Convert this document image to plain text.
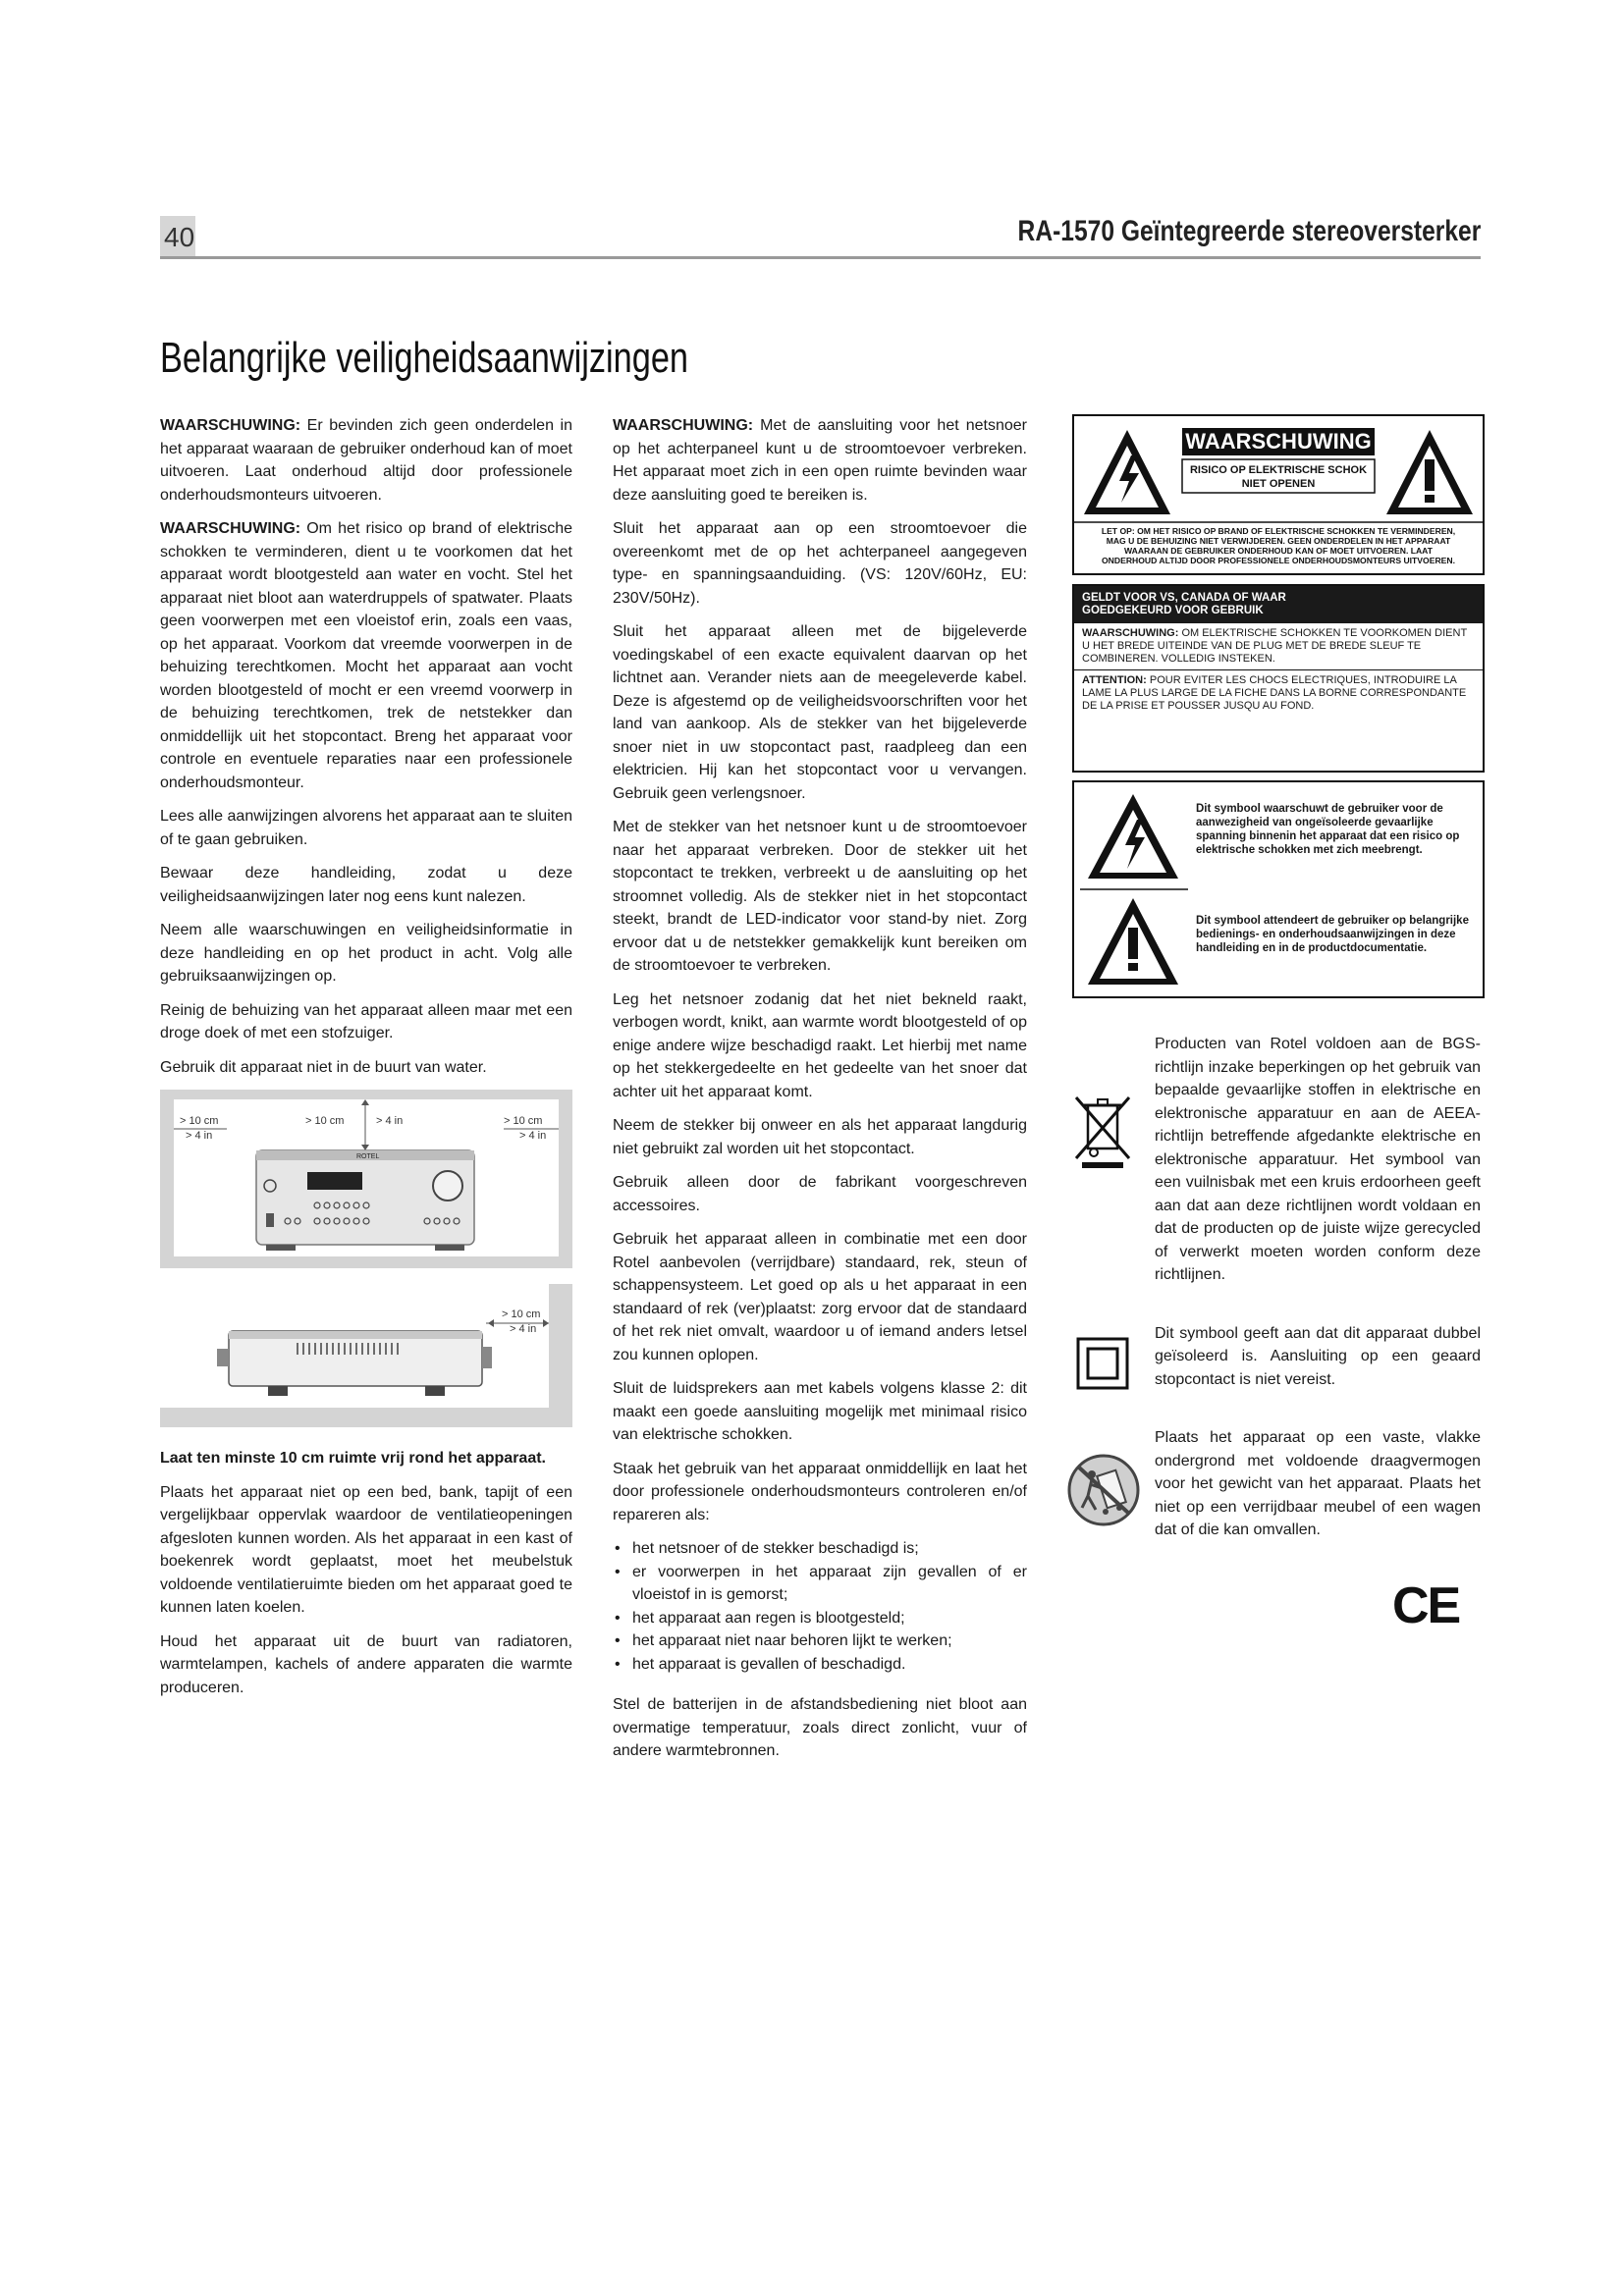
40	RA-1570 Geïntegreerde stereoversterker
Belangrijke veiligheidsaanwijzingen

WAARSCHUWING: Er bevinden zich geen onderdelen in het apparaat waaraan de gebruiker onderhoud kan of moet uitvoeren. Laat onderhoud altijd door professionele onderhoudsmonteurs uitvoeren.

WAARSCHUWING: Om het risico op brand of elektrische schokken te verminderen, dient u te voorkomen dat het apparaat wordt blootgesteld aan water en vocht. Stel het apparaat niet bloot aan waterdruppels of spatwater. Plaats geen voorwerpen met een vloeistof erin, zoals een vaas, op het apparaat. Voorkom dat vreemde voorwerpen in de behuizing terechtkomen. Mocht het apparaat aan vocht worden blootgesteld of mocht er een vreemd voorwerp in de behuizing terechtkomen, trek de netstekker dan onmiddellijk uit het stopcontact. Breng het apparaat voor controle en eventuele reparaties naar een professionele onderhoudsmonteur.

Lees alle aanwijzingen alvorens het apparaat aan te sluiten of te gaan gebruiken.

Bewaar deze handleiding, zodat u deze veiligheidsaanwijzingen later nog eens kunt nalezen.

Neem alle waarschuwingen en veiligheidsinformatie in deze handleiding en op het product in acht. Volg alle gebruiksaanwijzingen op.

Reinig de behuizing van het apparaat alleen maar met een droge doek of met een stofzuiger.

Gebruik dit apparaat niet in de buurt van water.

> 10 cm
> 4 in
> 10 cm	> 4 in	> 10 cm
> 4 in
ROTEL
> 10 cm
> 4 in

Laat ten minste 10 cm ruimte vrij rond het apparaat.

Plaats het apparaat niet op een bed, bank, tapijt of een vergelijkbaar oppervlak waardoor de ventilatieopeningen afgesloten kunnen worden. Als het apparaat in een kast of boekenrek wordt geplaatst, moet het meubelstuk voldoende ventilatieruimte bieden om het apparaat goed te kunnen laten koelen.

Houd het apparaat uit de buurt van radiatoren, warmtelampen, kachels of andere apparaten die warmte produceren.

WAARSCHUWING: Met de aansluiting voor het netsnoer op het achterpaneel kunt u de stroomtoevoer verbreken. Het apparaat moet zich in een open ruimte bevinden waar deze aansluiting goed te bereiken is.

Sluit het apparaat aan op een stroomtoevoer die overeenkomt met de op het achterpaneel aangegeven type- en spanningsaanduiding. (VS: 120V/60Hz, EU: 230V/50Hz).

Sluit het apparaat alleen met de bijgeleverde voedingskabel of een exacte equivalent daarvan op het lichtnet aan. Verander niets aan de meegeleverde kabel. Deze is afgestemd op de veiligheidsvoorschriften voor het land van aankoop. Als de stekker van het bijgeleverde snoer niet in uw stopcontact past, raadpleeg dan een elektricien. Hij kan het stopcontact voor u vervangen. Gebruik geen verlengsnoer.

Met de stekker van het netsnoer kunt u de stroomtoevoer naar het apparaat verbreken. Door de stekker uit het stopcontact te trekken, verbreekt u de aansluiting op het stroomnet volledig. Als de stekker niet in het stopcontact steekt, brandt de LED-indicator voor stand-by niet. Zorg ervoor dat u de netstekker gemakkelijk kunt bereiken om de stroomtoevoer te verbreken.

Leg het netsnoer zodanig dat het niet bekneld raakt, verbogen wordt, knikt, aan warmte wordt blootgesteld of op enige andere wijze beschadigd raakt. Let hierbij met name op het stekkergedeelte en het gedeelte van het snoer dat achter uit het apparaat komt.

Neem de stekker bij onweer en als het apparaat langdurig niet gebruikt zal worden uit het stopcontact.

Gebruik alleen door de fabrikant voorgeschreven accessoires.

Gebruik het apparaat alleen in combinatie met een door Rotel aanbevolen (verrijdbare) standaard, rek, steun of schappensysteem. Let goed op als u het apparaat in een standaard of rek (ver)plaatst: zorg ervoor dat de standaard of het rek niet omvalt, waardoor u of iemand anders letsel zou kunnen oplopen.

Sluit de luidsprekers aan met kabels volgens klasse 2: dit maakt een goede aansluiting mogelijk met minimaal risico van elektrische schokken.

Staak het gebruik van het apparaat onmiddellijk en laat het door professionele onderhoudsmonteurs controleren en/of repareren als:

• het netsnoer of de stekker beschadigd is;
• er voorwerpen in het apparaat zijn gevallen of er vloeistof in is gemorst;
• het apparaat aan regen is blootgesteld;
• het apparaat niet naar behoren lijkt te werken;
• het apparaat is gevallen of beschadigd.

Stel de batterijen in de afstandsbediening niet bloot aan overmatige temperatuur, zoals direct zonlicht, vuur of andere warmtebronnen.

WAARSCHUWING
RISICO OP ELEKTRISCHE SCHOK
NIET OPENEN
LET OP: OM HET RISICO OP BRAND OF ELEKTRISCHE SCHOKKEN TE VERMINDEREN,
MAG U DE BEHUIZING NIET VERWIJDEREN. GEEN ONDERDELEN IN HET APPARAAT
WAARAAN DE GEBRUIKER ONDERHOUD KAN OF MOET UITVOEREN. LAAT
ONDERHOUD ALTIJD DOOR PROFESSIONELE ONDERHOUDSMONTEURS UITVOEREN.
GELDT VOOR VS, CANADA OF WAAR
GOEDGEKEURD VOOR GEBRUIK
WAARSCHUWING: OM ELEKTRISCHE SCHOKKEN TE VOORKOMEN DIENT U HET BREDE UITEINDE VAN DE PLUG MET DE BREDE SLEUF TE COMBINEREN. VOLLEDIG INSTEKEN.
ATTENTION: POUR EVITER LES CHOCS ELECTRIQUES, INTRODUIRE LA LAME LA PLUS LARGE DE LA FICHE DANS LA BORNE CORRESPONDANTE DE LA PRISE ET POUSSER JUSQU AU FOND.
Dit symbool waarschuwt de gebruiker voor de aanwezigheid van ongeïsoleerde gevaarlijke spanning binnenin het apparaat dat een risico op elektrische schokken met zich meebrengt.
Dit symbool attendeert de gebruiker op belangrijke bedienings- en onderhoudsaanwijzingen in deze handleiding en in de productdocumentatie.

Producten van Rotel voldoen aan de BGS-richtlijn inzake beperkingen op het gebruik van bepaalde gevaarlijke stoffen in elektrische en elektronische apparatuur en aan de AEEA-richtlijn betreffende afgedankte elektrische en elektronische apparatuur. Het symbool van een vuilnisbak met een kruis erdoorheen geeft aan dat aan deze richtlijnen wordt voldaan en dat de producten op de juiste wijze gerecycled of verwerkt moeten worden conform deze richtlijnen.

Dit symbool geeft aan dat dit apparaat dubbel geïsoleerd is. Aansluiting op een geaard stopcontact is niet vereist.

Plaats het apparaat op een vaste, vlakke ondergrond met voldoende draagvermogen voor het gewicht van het apparaat. Plaats het niet op een verrijdbaar meubel of een wagen dat of die kan omvallen.

CE
